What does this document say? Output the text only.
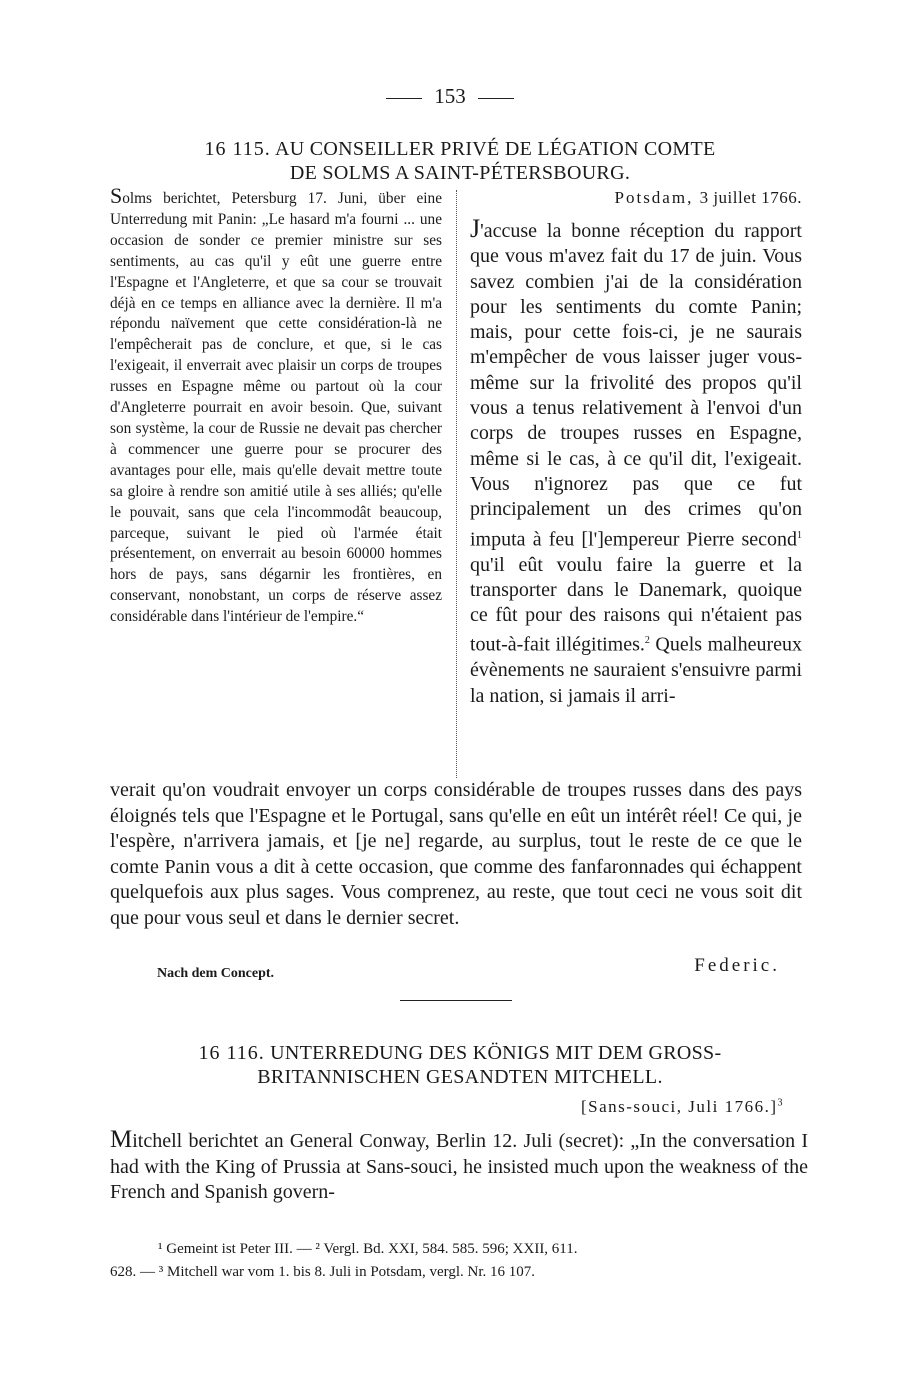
153
16 115. AU CONSEILLER PRIVÉ DE LÉGATION COMTE
DE SOLMS A SAINT-PÉTERSBOURG.
Solms berichtet, Petersburg 17. Juni, über eine Unterredung mit Panin: „Le hasard m'a fourni ... une occasion de sonder ce premier ministre sur ses sentiments, au cas qu'il y eût une guerre entre l'Espagne et l'Angleterre, et que sa cour se trouvait déjà en ce temps en alliance avec la dernière. Il m'a répondu naïvement que cette considération-là ne l'empêcherait pas de conclure, et que, si le cas l'exigeait, il enverrait avec plaisir un corps de troupes russes en Espagne même ou partout où la cour d'Angleterre pourrait en avoir besoin. Que, suivant son système, la cour de Russie ne devait pas chercher à commencer une guerre pour se procurer des avantages pour elle, mais qu'elle devait mettre toute sa gloire à rendre son amitié utile à ses alliés; qu'elle le pouvait, sans que cela l'incommodât beaucoup, parceque, suivant le pied où l'armée était présentement, on enverrait au besoin 60000 hommes hors de pays, sans dégarnir les frontières, en conservant, nonobstant, un corps de réserve assez considérable dans l'intérieur de l'empire.“
Potsdam, 3 juillet 1766.
J'accuse la bonne réception du rapport que vous m'avez fait du 17 de juin. Vous savez combien j'ai de la considération pour les sentiments du comte Panin; mais, pour cette fois-ci, je ne saurais m'empêcher de vous laisser juger vous-même sur la frivolité des propos qu'il vous a tenus relativement à l'envoi d'un corps de troupes russes en Espagne, même si le cas, à ce qu'il dit, l'exigeait. Vous n'ignorez pas que ce fut principalement un des crimes qu'on imputa à feu [l']empereur Pierre second$^1$ qu'il eût voulu faire la guerre et la transporter dans le Danemark, quoique ce fût pour des raisons qui n'étaient pas tout-à-fait illégitimes.$^2$ Quels malheureux évènements ne sauraient s'ensuivre parmi la nation, si jamais il arri-
verait qu'on voudrait envoyer un corps considérable de troupes russes dans des pays éloignés tels que l'Espagne et le Portugal, sans qu'elle en eût un intérêt réel! Ce qui, je l'espère, n'arrivera jamais, et [je ne] regarde, au surplus, tout le reste de ce que le comte Panin vous a dit à cette occasion, que comme des fanfaronnades qui échappent quelquefois aux plus sages. Vous comprenez, au reste, que tout ceci ne vous soit dit que pour vous seul et dans le dernier secret.
Nach dem Concept.	Federic.
16 116. UNTERREDUNG DES KÖNIGS MIT DEM GROSS-
BRITANNISCHEN GESANDTEN MITCHELL.
[Sans-souci, Juli 1766.]$^3$
Mitchell berichtet an General Conway, Berlin 12. Juli (secret): „In the conversation I had with the King of Prussia at Sans-souci, he insisted much upon the weakness of the French and Spanish govern-
¹ Gemeint ist Peter III. — ² Vergl. Bd. XXI, 584. 585. 596; XXII, 611.
628. — ³ Mitchell war vom 1. bis 8. Juli in Potsdam, vergl. Nr. 16 107.
